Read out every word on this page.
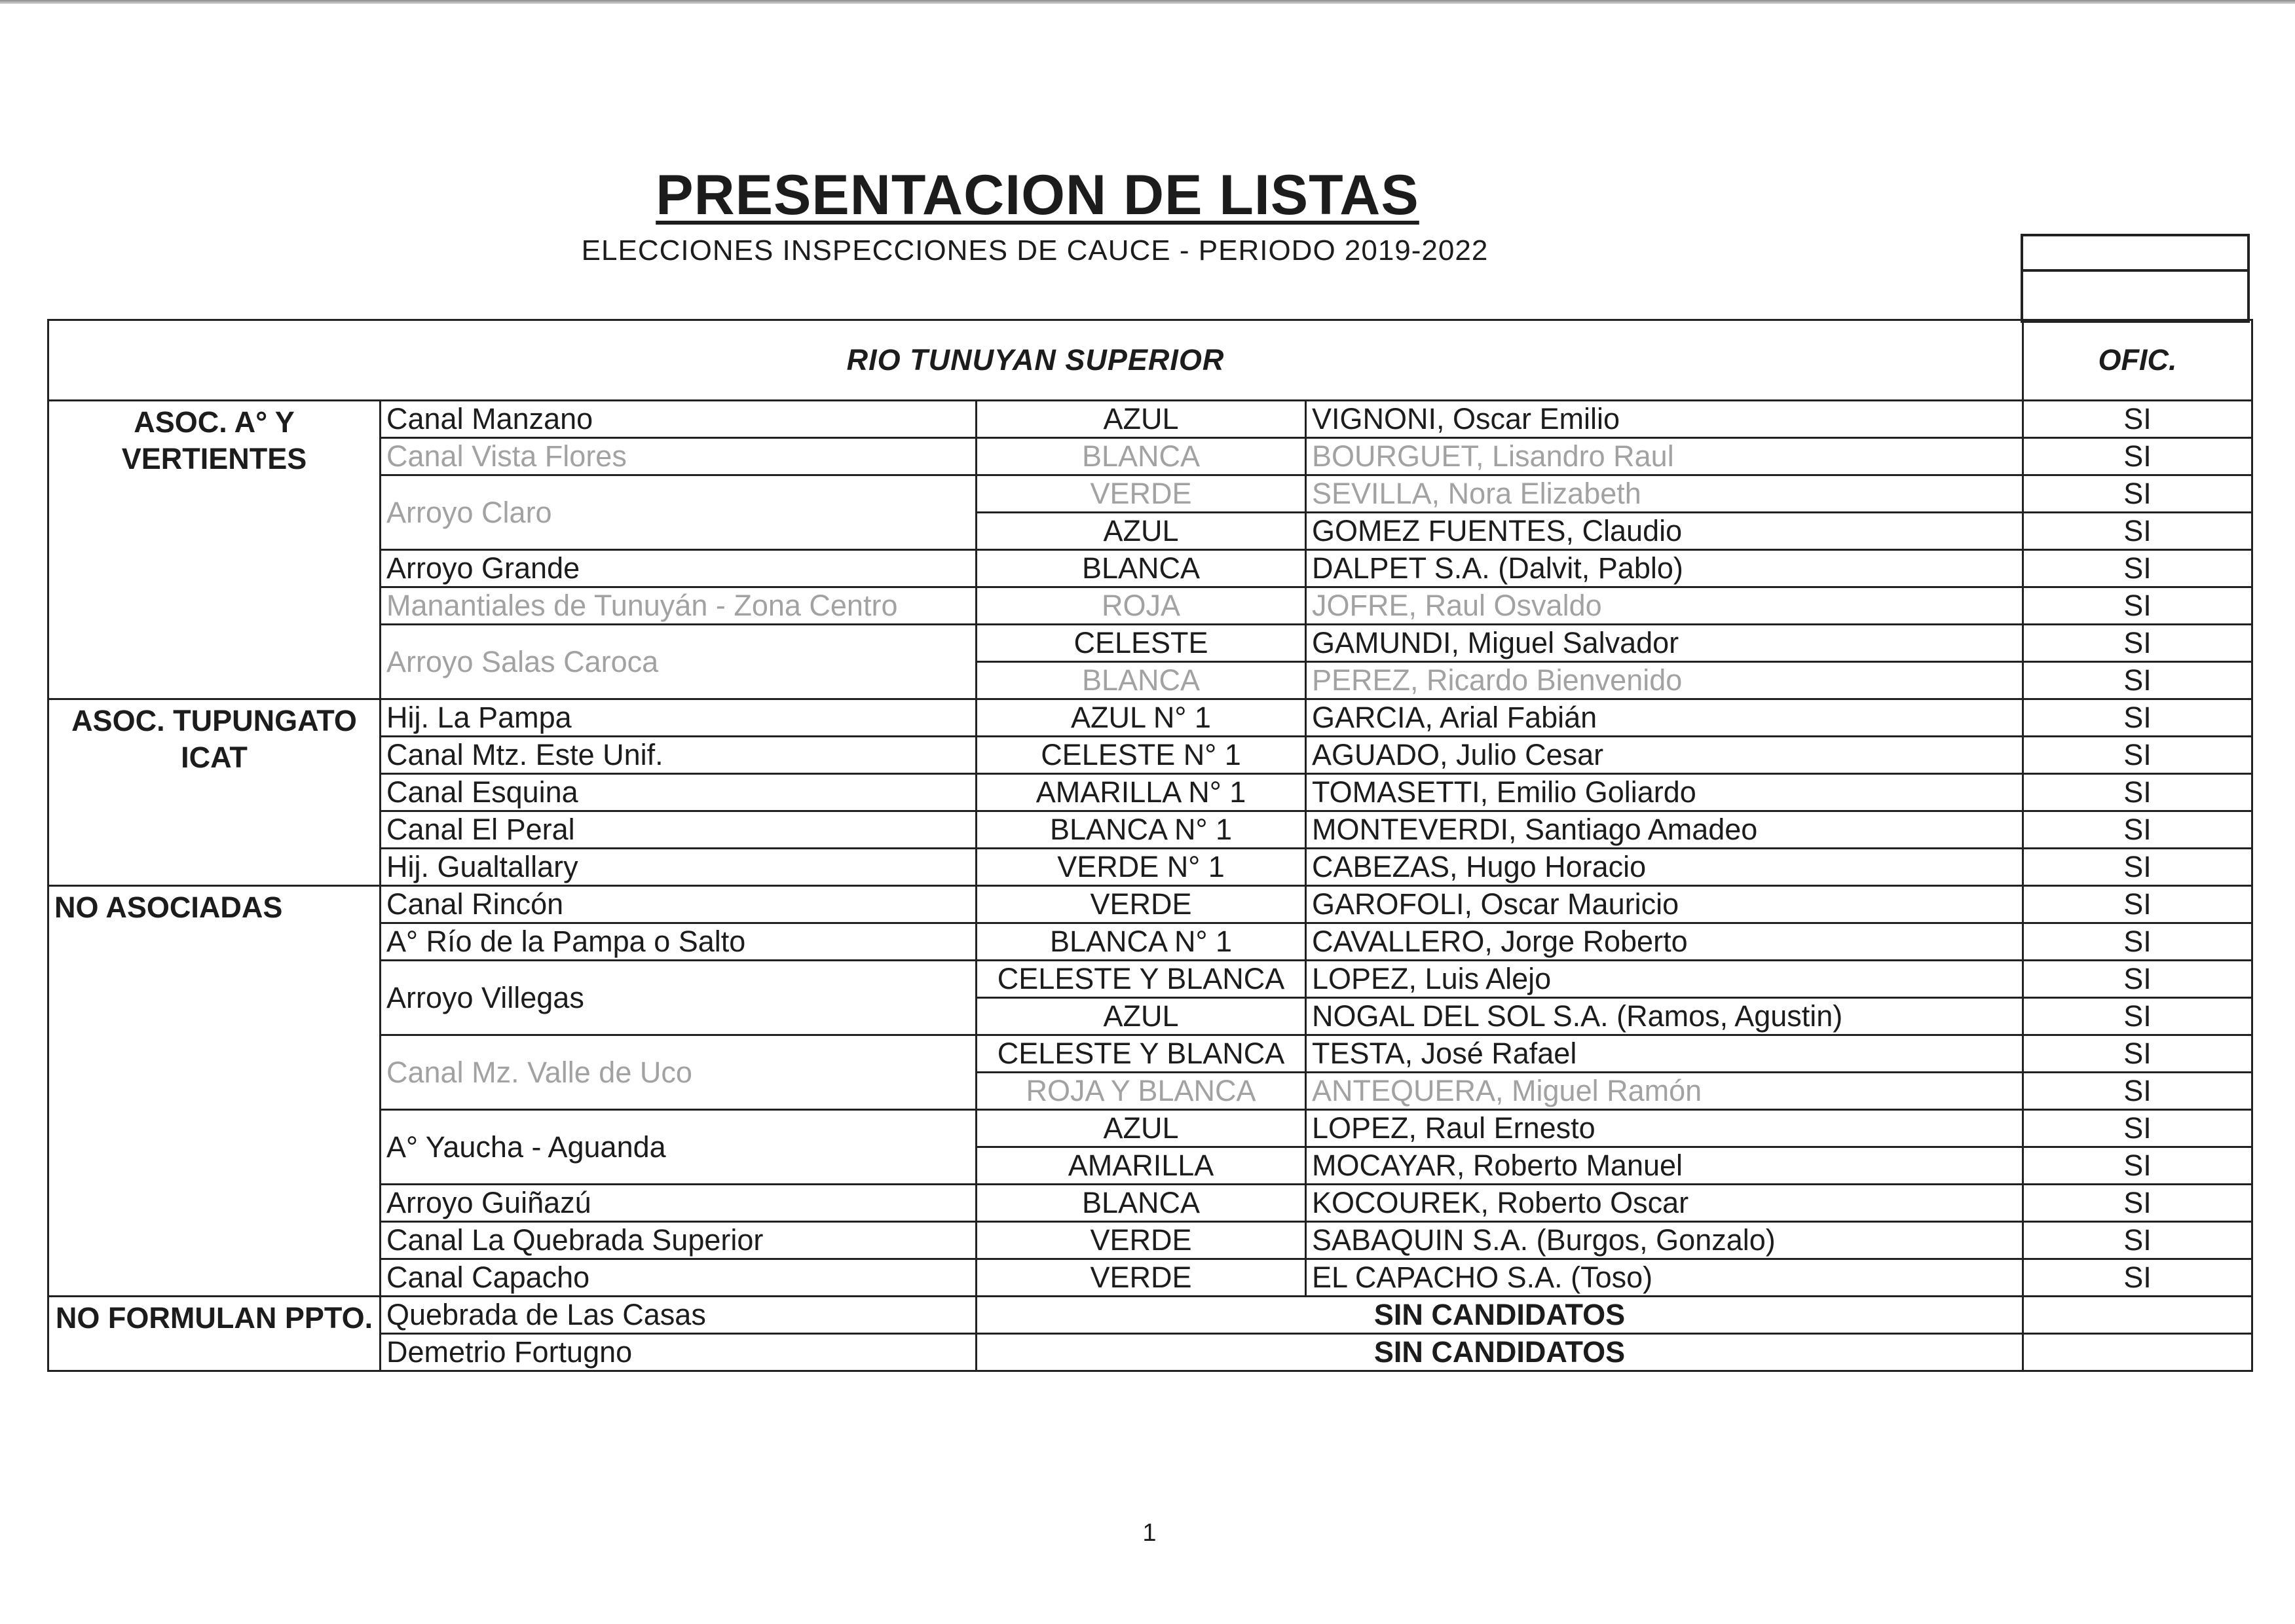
PRESENTACION DE LISTAS
ELECCIONES INSPECCIONES DE CAUCE - PERIODO 2019-2022
RIO TUNUYAN SUPERIOR				OFIC.
ASOC. A° Y VERTIENTES	Canal Manzano	AZUL	VIGNONI, Oscar Emilio	SI
	Canal Vista Flores	BLANCA	BOURGUET, Lisandro Raul	SI
	Arroyo Claro	VERDE	SEVILLA, Nora Elizabeth	SI
		AZUL	GOMEZ FUENTES, Claudio	SI
	Arroyo Grande	BLANCA	DALPET S.A. (Dalvit, Pablo)	SI
	Manantiales de Tunuyán - Zona Centro	ROJA	JOFRE, Raul Osvaldo	SI
	Arroyo Salas Caroca	CELESTE	GAMUNDI, Miguel Salvador	SI
		BLANCA	PEREZ, Ricardo Bienvenido	SI
ASOC. TUPUNGATO ICAT	Hij. La Pampa	AZUL N° 1	GARCIA, Arial Fabián	SI
	Canal Mtz. Este Unif.	CELESTE N° 1	AGUADO, Julio Cesar	SI
	Canal Esquina	AMARILLA N° 1	TOMASETTI, Emilio Goliardo	SI
	Canal El Peral	BLANCA N° 1	MONTEVERDI, Santiago Amadeo	SI
	Hij. Gualtallary	VERDE N° 1	CABEZAS, Hugo Horacio	SI
NO ASOCIADAS	Canal Rincón	VERDE	GAROFOLI, Oscar Mauricio	SI
	A° Río de la Pampa o Salto	BLANCA N° 1	CAVALLERO, Jorge Roberto	SI
	Arroyo Villegas	CELESTE Y BLANCA	LOPEZ, Luis Alejo	SI
		AZUL	NOGAL DEL SOL S.A. (Ramos, Agustin)	SI
	Canal Mz. Valle de Uco	CELESTE Y BLANCA	TESTA, José Rafael	SI
		ROJA Y BLANCA	ANTEQUERA, Miguel Ramón	SI
	A° Yaucha - Aguanda	AZUL	LOPEZ, Raul Ernesto	SI
		AMARILLA	MOCAYAR, Roberto Manuel	SI
	Arroyo Guiñazú	BLANCA	KOCOUREK, Roberto Oscar	SI
	Canal La Quebrada Superior	VERDE	SABAQUIN S.A. (Burgos, Gonzalo)	SI
	Canal Capacho	VERDE	EL CAPACHO S.A. (Toso)	SI
NO FORMULAN PPTO.	Quebrada de Las Casas	SIN CANDIDATOS		
	Demetrio Fortugno	SIN CANDIDATOS		
1
